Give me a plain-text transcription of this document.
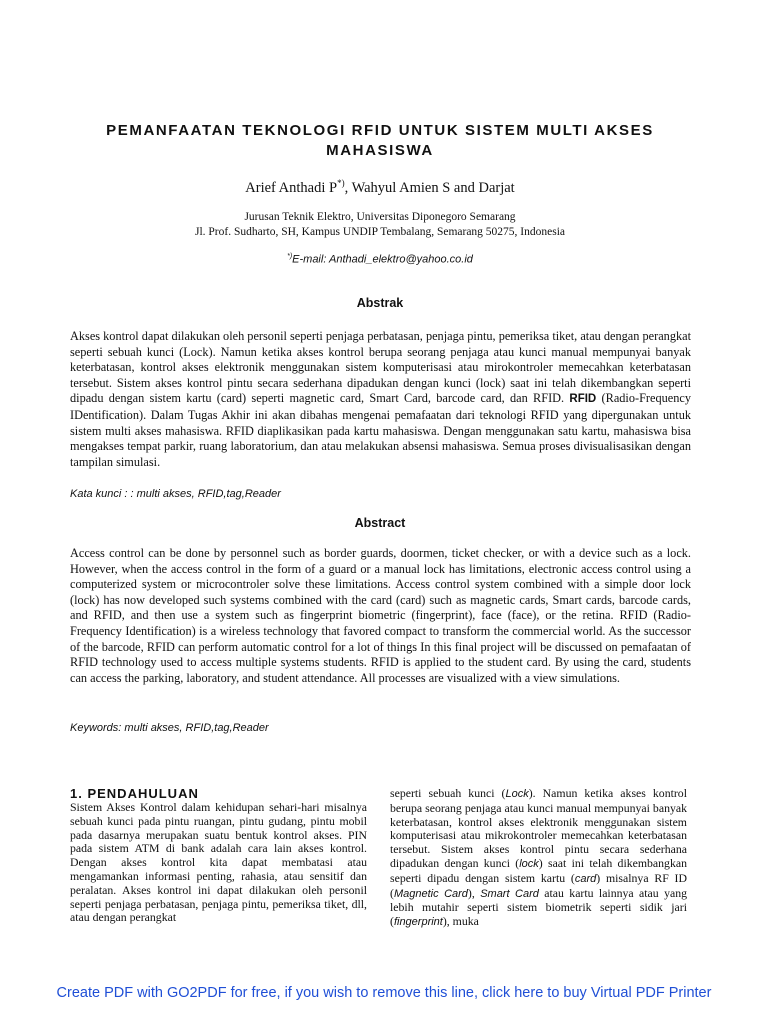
PEMANFAATAN TEKNOLOGI RFID UNTUK SISTEM MULTI AKSES
MAHASISWA
Arief Anthadi P*), Wahyul Amien S and Darjat
Jurusan Teknik Elektro, Universitas Diponegoro Semarang
Jl. Prof. Sudharto, SH, Kampus UNDIP Tembalang, Semarang 50275, Indonesia
*)E-mail: Anthadi_elektro@yahoo.co.id
Abstrak
Akses kontrol dapat dilakukan oleh personil seperti penjaga perbatasan, penjaga pintu, pemeriksa tiket, atau dengan perangkat seperti sebuah kunci (Lock). Namun ketika akses kontrol berupa seorang penjaga atau kunci manual mempunyai banyak keterbatasan, kontrol akses elektronik menggunakan sistem komputerisasi atau mirokontroler memecahkan keterbatasan tersebut. Sistem akses kontrol pintu secara sederhana dipadukan dengan kunci (lock) saat ini telah dikembangkan seperti dipadu dengan sistem kartu (card) seperti magnetic card, Smart Card, barcode card, dan RFID. RFID (Radio-Frequency IDentification). Dalam Tugas Akhir ini akan dibahas mengenai pemafaatan dari teknologi RFID yang dipergunakan untuk sistem multi akses mahasiswa. RFID diaplikasikan pada kartu mahasiswa. Dengan menggunakan satu kartu, mahasiswa bisa mengakses tempat parkir, ruang laboratorium, dan atau melakukan absensi mahasiswa. Semua proses divisualisasikan dengan tampilan simulasi.
Kata kunci : : multi akses, RFID,tag,Reader
Abstract
Access control can be done by personnel such as border guards, doormen, ticket checker, or with a device such as a lock. However, when the access control in the form of a guard or a manual lock has limitations, electronic access control using a computerized system or microcontroler solve these limitations. Access control system combined with a simple door lock (lock) has now developed such systems combined with the card (card) such as magnetic cards, Smart cards, barcode cards, and RFID, and then use a system such as fingerprint biometric (fingerprint), face (face), or the retina. RFID (Radio-Frequency Identification) is a wireless technology that favored compact to transform the commercial world. As the successor of the barcode, RFID can perform automatic control for a lot of things In this final project will be discussed on pemafaatan of RFID technology used to access multiple systems students. RFID is applied to the student card. By using the card, students can access the parking, laboratory, and student attendance. All processes are visualized with a view simulations.
Keywords: multi akses, RFID,tag,Reader
1. PENDAHULUAN
Sistem Akses Kontrol dalam kehidupan sehari-hari misalnya sebuah kunci pada pintu ruangan, pintu gudang, pintu mobil pada dasarnya merupakan suatu bentuk kontrol akses. PIN pada sistem ATM di bank adalah cara lain akses kontrol. Dengan akses kontrol kita dapat membatasi atau mengamankan informasi penting, rahasia, atau sensitif dan peralatan. Akses kontrol ini dapat dilakukan oleh personil seperti penjaga perbatasan, penjaga pintu, pemeriksa tiket, dll, atau dengan perangkat
seperti sebuah kunci (Lock). Namun ketika akses kontrol berupa seorang penjaga atau kunci manual mempunyai banyak keterbatasan, kontrol akses elektronik menggunakan sistem komputerisasi atau mikrokontroler memecahkan keterbatasan tersebut. Sistem akses kontrol pintu secara sederhana dipadukan dengan kunci (lock) saat ini telah dikembangkan seperti dipadu dengan sistem kartu (card) misalnya RF ID (Magnetic Card), Smart Card atau kartu lainnya atau yang lebih mutahir seperti sistem biometrik seperti sidik jari (fingerprint), muka
Create PDF with GO2PDF for free, if you wish to remove this line, click here to buy Virtual PDF Printer
